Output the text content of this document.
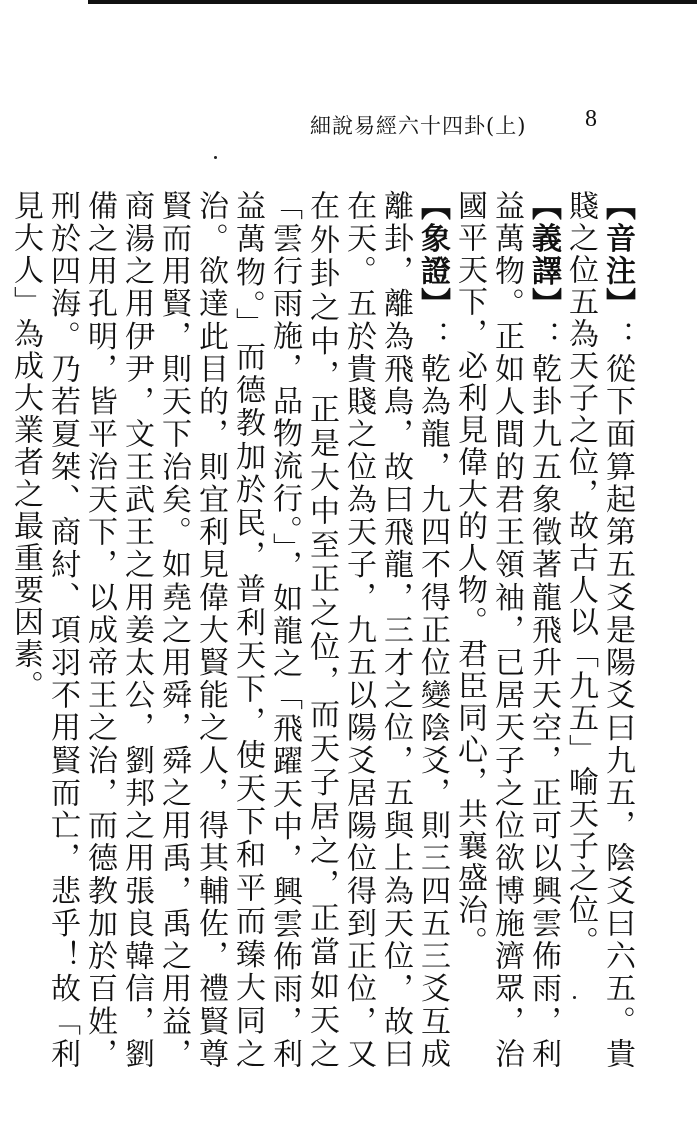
細說易經六十四卦(上)	8

【音注】：從下面算起第五爻是陽爻曰九五，陰爻曰六五。貴賤之位五為天子之位，故古人以「九五」喻天子之位。

【義譯】：乾卦九五象徵著龍飛升天空，正可以興雲佈雨，利益萬物。正如人間的君王領袖，已居天子之位欲博施濟眾，治國平天下，必利見偉大的人物。君臣同心，共襄盛治。

【象證】：乾為龍，九四不得正位變陰爻，則三四五三爻互成離卦，離為飛鳥，故曰飛龍，三才之位，五與上為天位，故曰在天。五於貴賤之位為天子，九五以陽爻居陽位得到正位，又在外卦之中，正是大中至正之位，而天子居之，正當如天之「雲行雨施，品物流行。」，如龍之「飛躍天中，興雲佈雨，利益萬物。」而德教加於民，普利天下，使天下和平而臻大同之治。欲達此目的，則宜利見偉大賢能之人，得其輔佐，禮賢尊賢而用賢，則天下治矣。如堯之用舜，舜之用禹，禹之用益，商湯之用伊尹，文王武王之用姜太公，劉邦之用張良韓信，劉備之用孔明，皆平治天下，以成帝王之治，而德教加於百姓，刑於四海。乃若夏桀、商紂、項羽不用賢而亡，悲乎！故「利見大人」為成大業者之最重要因素。
